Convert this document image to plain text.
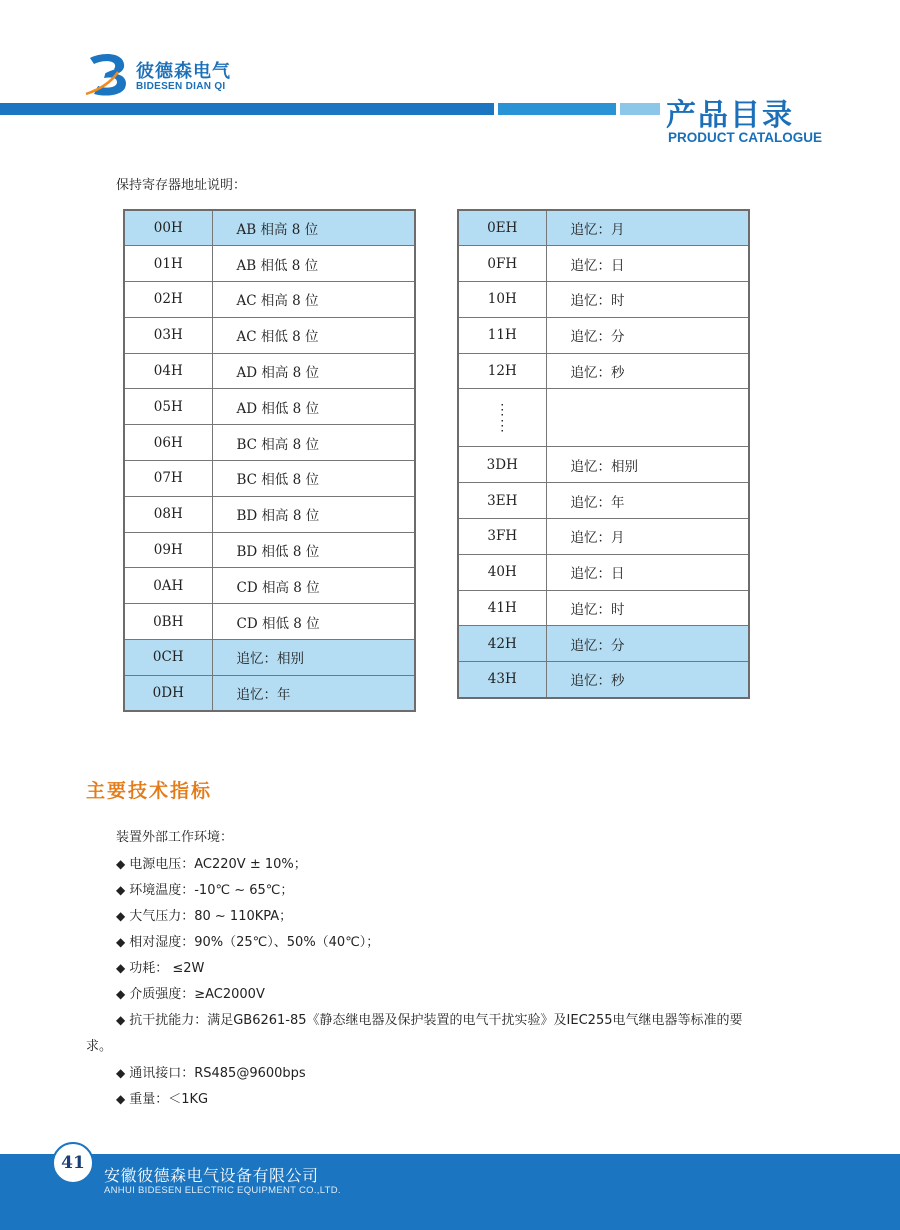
彼德森电气
BIDESEN DIAN QI
产品目录
PRODUCT CATALOGUE
保持寄存器地址说明：
00H	AB 相高 8 位
01H	AB 相低 8 位
02H	AC 相高 8 位
03H	AC 相低 8 位
04H	AD 相高 8 位
05H	AD 相低 8 位
06H	BC 相高 8 位
07H	BC 相低 8 位
08H	BD 相高 8 位
09H	BD 相低 8 位
0AH	CD 相高 8 位
0BH	CD 相低 8 位
0CH	追忆：相别
0DH	追忆：年
0EH	追忆：月
0FH	追忆：日
10H	追忆：时
11H	追忆：分
12H	追忆：秒
⋮
⋮	
3DH	追忆：相别
3EH	追忆：年
3FH	追忆：月
40H	追忆：日
41H	追忆：时
42H	追忆：分
43H	追忆：秒
主要技术指标
装置外部工作环境：
◆ 电源电压：AC220V ± 10%；
◆ 环境温度：-10℃ ~ 65℃；
◆ 大气压力：80 ~ 110KPA；
◆ 相对湿度：90%（25℃）、50%（40℃）；
◆ 功耗： ≤2W
◆ 介质强度：≥AC2000V
◆ 抗干扰能力：满足GB6261-85《静态继电器及保护装置的电气干扰实验》及IEC255电气继电器等标准的要
求。
◆ 通讯接口：RS485@9600bps
◆ 重量：＜1KG
41
安徽彼德森电气设备有限公司
ANHUI BIDESEN ELECTRIC EQUIPMENT CO.,LTD.
